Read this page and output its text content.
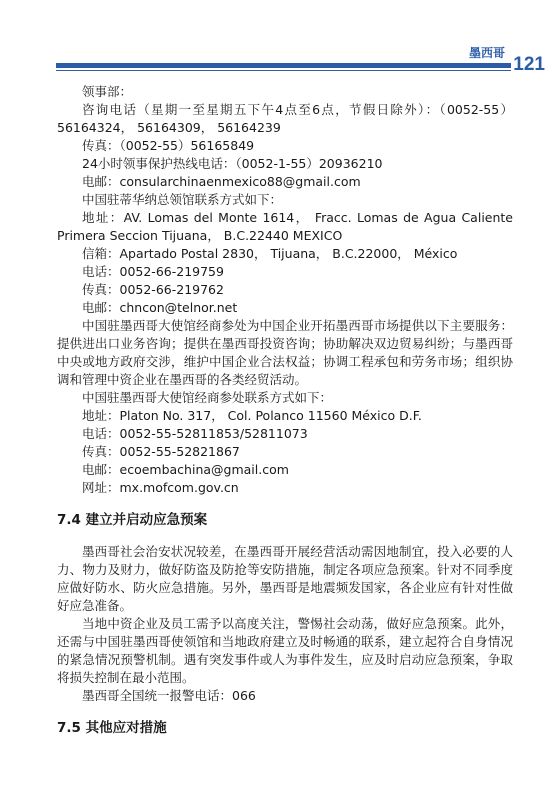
墨西哥
121

领事部：

咨询电话（星期一至星期五下午4点至6点，节假日除外）：（0052-55）56164324， 56164309， 56164239

传真：（0052-55）56165849

24小时领事保护热线电话：（0052-1-55）20936210

电邮：consularchinaenmexico88@gmail.com

中国驻蒂华纳总领馆联系方式如下：

地址：AV. Lomas del Monte 1614， Fracc. Lomas de Agua Caliente Primera Seccion Tijuana， B.C.22440 MEXICO

信箱：Apartado Postal 2830， Tijuana， B.C.22000， México

电话：0052-66-219759

传真：0052-66-219762

电邮：chncon@telnor.net

中国驻墨西哥大使馆经商参处为中国企业开拓墨西哥市场提供以下主要服务：提供进出口业务咨询；提供在墨西哥投资咨询；协助解决双边贸易纠纷；与墨西哥中央或地方政府交涉，维护中国企业合法权益；协调工程承包和劳务市场；组织协调和管理中资企业在墨西哥的各类经贸活动。

中国驻墨西哥大使馆经商参处联系方式如下：

地址：Platon No. 317， Col. Polanco 11560 México D.F.

电话：0052-55-52811853/52811073

传真：0052-55-52821867

电邮：ecoembachina@gmail.com

网址：mx.mofcom.gov.cn

7.4 建立并启动应急预案

墨西哥社会治安状况较差，在墨西哥开展经营活动需因地制宜，投入必要的人力、物力及财力，做好防盗及防抢等安防措施，制定各项应急预案。针对不同季度应做好防水、防火应急措施。另外，墨西哥是地震频发国家，各企业应有针对性做好应急准备。

当地中资企业及员工需予以高度关注，警惕社会动荡，做好应急预案。此外，还需与中国驻墨西哥使领馆和当地政府建立及时畅通的联系，建立起符合自身情况的紧急情况预警机制。遇有突发事件或人为事件发生，应及时启动应急预案，争取将损失控制在最小范围。

墨西哥全国统一报警电话：066

7.5 其他应对措施
